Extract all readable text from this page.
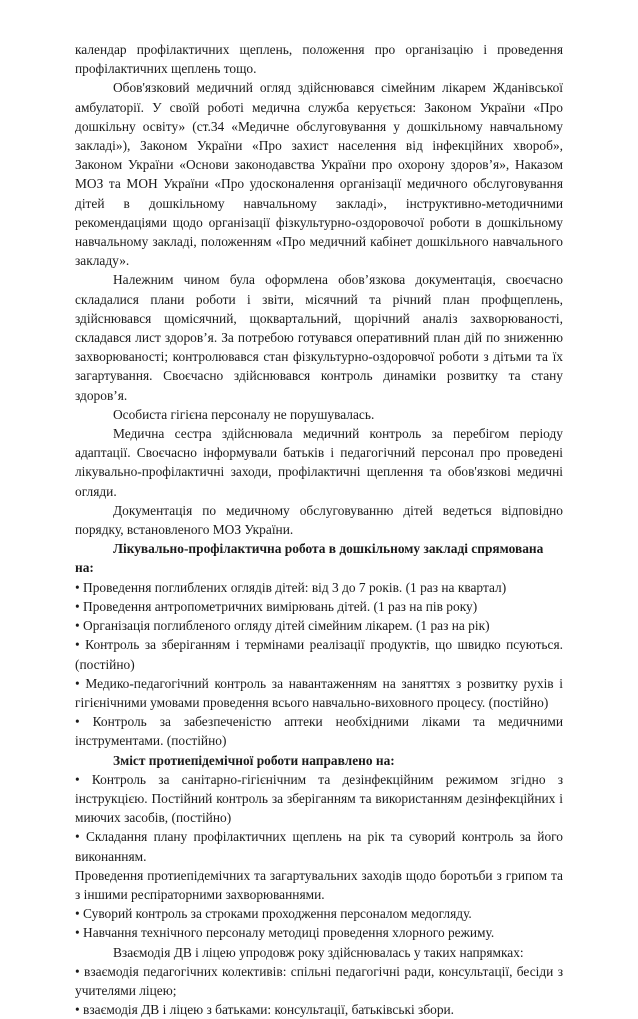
календар профілактичних щеплень, положення про організацію і проведення профілактичних щеплень тощо.

Обов'язковий медичний огляд здійснювався сімейним лікарем Жданівської амбулаторії. У своїй роботі медична служба керується: Законом України «Про дошкільну освіту» (ст.34 «Медичне обслуговування у дошкільному навчальному закладі»), Законом України «Про захист населення від інфекційних хвороб», Законом України «Основи законодавства України про охорону здоров’я», Наказом МОЗ та МОН України «Про удосконалення організації медичного обслуговування дітей в дошкільному навчальному закладі», інструктивно-методичними рекомендаціями щодо організації фізкультурно-оздоровочої роботи в дошкільному навчальному закладі, положенням «Про медичний кабінет дошкільного навчального закладу».

Належним чином була оформлена обов’язкова документація, своєчасно складалися плани роботи і звіти, місячний та річний план профщеплень, здійснювався щомісячний, щоквартальний, щорічний аналіз захворюваності, складався лист здоров’я. За потребою готувався оперативний план дій по зниженню захворюваності; контролювався стан фізкультурно-оздоровчої роботи з дітьми та їх загартування. Своєчасно здійснювався контроль динаміки розвитку та стану здоров’я.

Особиста гігієна персоналу не порушувалась.

Медична сестра здійснювала медичний контроль за перебігом періоду адаптації. Своєчасно інформували батьків і педагогічний персонал про проведені лікувально-профілактичні заходи, профілактичні щеплення та обов'язкові медичні огляди.

Документація по медичному обслуговуванню дітей ведеться відповідно порядку, встановленого МОЗ України.

Лікувально-профілактична робота в дошкільному закладі спрямована на:

• Проведення поглиблених оглядів дітей: від 3 до 7 років. (1 раз на квартал)

• Проведення антропометричних вимірювань дітей. (1 раз на пів року)

• Організація поглибленого огляду дітей сімейним лікарем. (1 раз на рік)

• Контроль за зберіганням і термінами реалізації продуктів, що швидко псуються. (постійно)

• Медико-педагогічний контроль за навантаженням на заняттях з розвитку рухів і гігієнічними умовами проведення всього навчально-виховного процесу. (постійно)

• Контроль за забезпеченістю аптеки необхідними ліками та медичними інструментами. (постійно)

Зміст протиепідемічної роботи направлено на:

• Контроль за санітарно-гігієнічним та дезінфекційним режимом згідно з інструкцією. Постійний контроль за зберіганням та використанням дезінфекційних і миючих засобів, (постійно)

• Складання плану профілактичних щеплень на рік та суворий контроль за його виконанням.

Проведення протиепідемічних та загартувальних заходів щодо боротьби з грипом та з іншими респіраторними захворюваннями.

• Суворий контроль за строками проходження персоналом медогляду.

• Навчання технічного персоналу методиці проведення хлорного режиму.

Взаємодія ДВ і ліцею упродовж року здійснювалась у таких напрямках:

• взаємодія педагогічних колективів: спільні педагогічні ради, консультації, бесіди з учителями ліцею;

• взаємодія ДВ і ліцею з батьками: консультації, батьківські збори.
